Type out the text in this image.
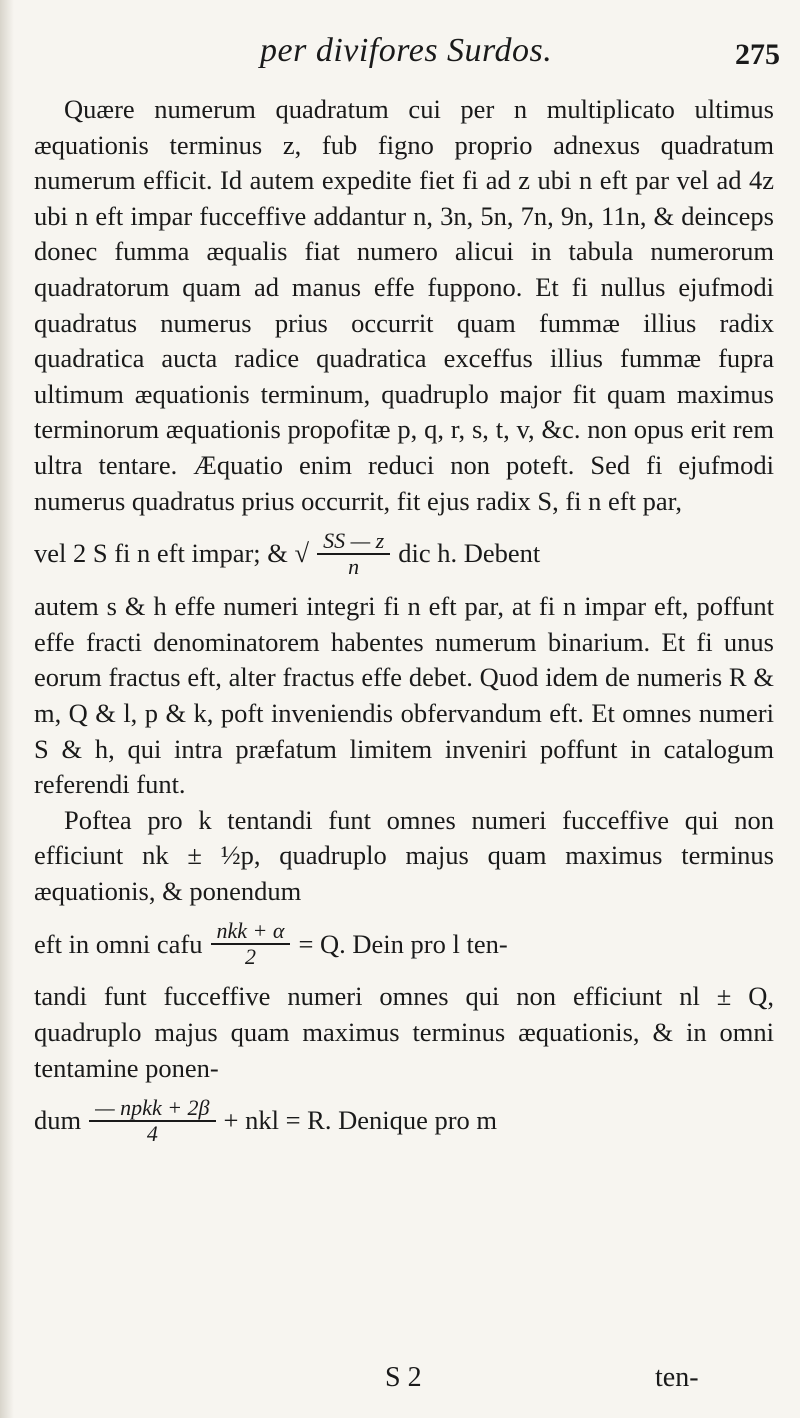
per divifores Surdos.	275

Quære numerum quadratum cui per n multiplicato ultimus æquationis terminus z, fub figno proprio adnexus quadratum numerum efficit. Id autem expedite fiet fi ad z ubi n eft par vel ad 4z ubi n eft impar fucceffive addantur n, 3n, 5n, 7n, 9n, 11n, & deinceps donec fumma æqualis fiat numero alicui in tabula numerorum quadratorum quam ad manus effe fuppono. Et fi nullus ejufmodi quadratus numerus prius occurrit quam fummæ illius radix quadratica aucta radice quadratica exceffus illius fummæ fupra ultimum æquationis terminum, quadruplo major fit quam maximus terminorum æquationis propofitæ p, q, r, s, t, v, &c. non opus erit rem ultra tentare. Æquatio enim reduci non poteft. Sed fi ejufmodi numerus quadratus prius occurrit, fit ejus radix S, fi n eft par,

vel 2 S fi n eft impar; & √ $\frac{SS — z}{n}$ dic h. Debent

autem s & h effe numeri integri fi n eft par, at fi n impar eft, poffunt effe fracti denominatorem habentes numerum binarium. Et fi unus eorum fractus eft, alter fractus effe debet. Quod idem de numeris R & m, Q & l, p & k, poft inveniendis obfervandum eft. Et omnes numeri S & h, qui intra præfatum limitem inveniri poffunt in catalogum referendi funt.

Poftea pro k tentandi funt omnes numeri fucceffive qui non efficiunt nk ± ½p, quadruplo majus quam maximus terminus æquationis, & ponendum

eft in omni cafu $\frac{\text{nkk + α}}{2} = Q$. Dein pro l ten-

tandi funt fucceffive numeri omnes qui non efficiunt nl ± Q, quadruplo majus quam maximus terminus æquationis, & in omni tentamine ponen-

dum $\frac{\text{— npkk + 2β}}{4}$ + nkl = R. Denique pro m
S 2	ten-
